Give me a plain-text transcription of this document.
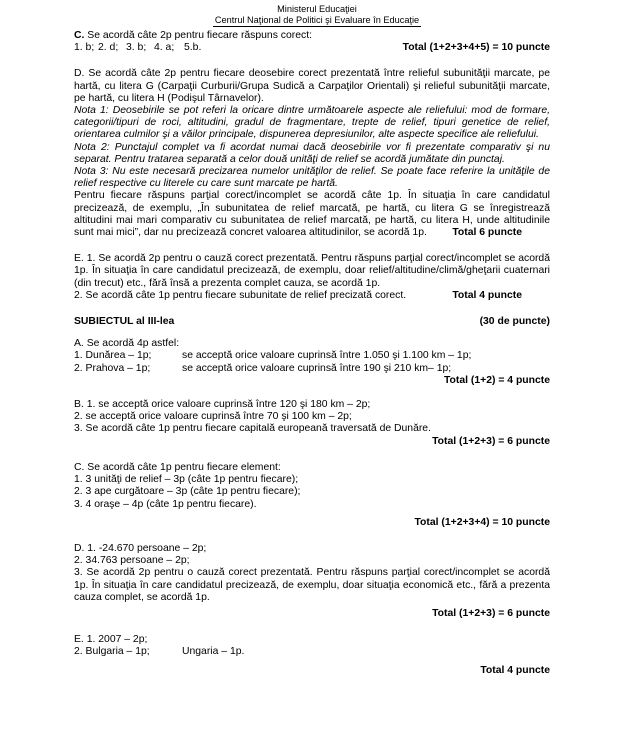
Ministerul Educaţiei
Centrul Naţional de Politici şi Evaluare în Educaţie
C. Se acordă câte 2p pentru fiecare răspuns corect:
1. b; 2. d; 3. b; 4. a; 5.b.	Total (1+2+3+4+5) = 10 puncte
D. Se acordă câte 2p pentru fiecare deosebire corect prezentată între relieful subunităţii marcate, pe hartă, cu litera G (Carpaţii Curburii/Grupa Sudică a Carpaţilor Orientali) şi relieful subunităţii marcate, pe hartă, cu litera H (Podişul Târnavelor).
Nota 1: Deosebirile se pot referi la oricare dintre următoarele aspecte ale reliefului: mod de formare, categorii/tipuri de roci, altitudini, gradul de fragmentare, trepte de relief, tipuri genetice de relief, orientarea culmilor şi a văilor principale, dispunerea depresiunilor, alte aspecte specifice ale reliefului.
Nota 2: Punctajul complet va fi acordat numai dacă deosebirile vor fi prezentate comparativ şi nu separat. Pentru tratarea separată a celor două unităţi de relief se acordă jumătate din punctaj.
Nota 3: Nu este necesară precizarea numelor unităţilor de relief. Se poate face referire la unităţile de relief respective cu literele cu care sunt marcate pe hartă.
Pentru fiecare răspuns parţial corect/incomplet se acordă câte 1p. În situaţia în care candidatul precizează, de exemplu, „În subunitatea de relief marcată, pe hartă, cu litera G se înregistrează altitudini mai mari comparativ cu subunitatea de relief marcată, pe hartă, cu litera H, unde altitudinile sunt mai mici”, dar nu precizează concret valoarea altitudinilor, se acordă 1p. Total 6 puncte
E. 1. Se acordă 2p pentru o cauză corect prezentată. Pentru răspuns parţial corect/incomplet se acordă 1p. În situaţia în care candidatul precizează, de exemplu, doar relief/altitudine/climă/gheţarii cuaternari (din trecut) etc., fără însă a prezenta complet cauza, se acordă 1p.
2. Se acordă câte 1p pentru fiecare subunitate de relief precizată corect.	Total 4 puncte
SUBIECTUL al III-lea	(30 de puncte)
A. Se acordă 4p astfel:
1. Dunărea – 1p;	se acceptă orice valoare cuprinsă între 1.050 şi 1.100 km – 1p;
2. Prahova – 1p;	se acceptă orice valoare cuprinsă între 190 şi 210 km– 1p;
Total (1+2) = 4 puncte
B. 1. se acceptă orice valoare cuprinsă între 120 şi 180 km – 2p;
2. se acceptă orice valoare cuprinsă între 70 şi 100 km – 2p;
3. Se acordă câte 1p pentru fiecare capitală europeană traversată de Dunăre.
Total (1+2+3) = 6 puncte
C. Se acordă câte 1p pentru fiecare element:
1. 3 unităţi de relief – 3p (câte 1p pentru fiecare);
2. 3 ape curgătoare – 3p (câte 1p pentru fiecare);
3. 4 oraşe – 4p (câte 1p pentru fiecare).
Total (1+2+3+4) = 10 puncte
D. 1. -24.670 persoane – 2p;
2. 34.763 persoane – 2p;
3. Se acordă 2p pentru o cauză corect prezentată. Pentru răspuns parţial corect/incomplet se acordă 1p. În situaţia în care candidatul precizează, de exemplu, doar situaţia economică etc., fără a prezenta cauza complet, se acordă 1p.
Total (1+2+3) = 6 puncte
E. 1. 2007 – 2p;
2. Bulgaria – 1p;	Ungaria – 1p.
Total 4 puncte
